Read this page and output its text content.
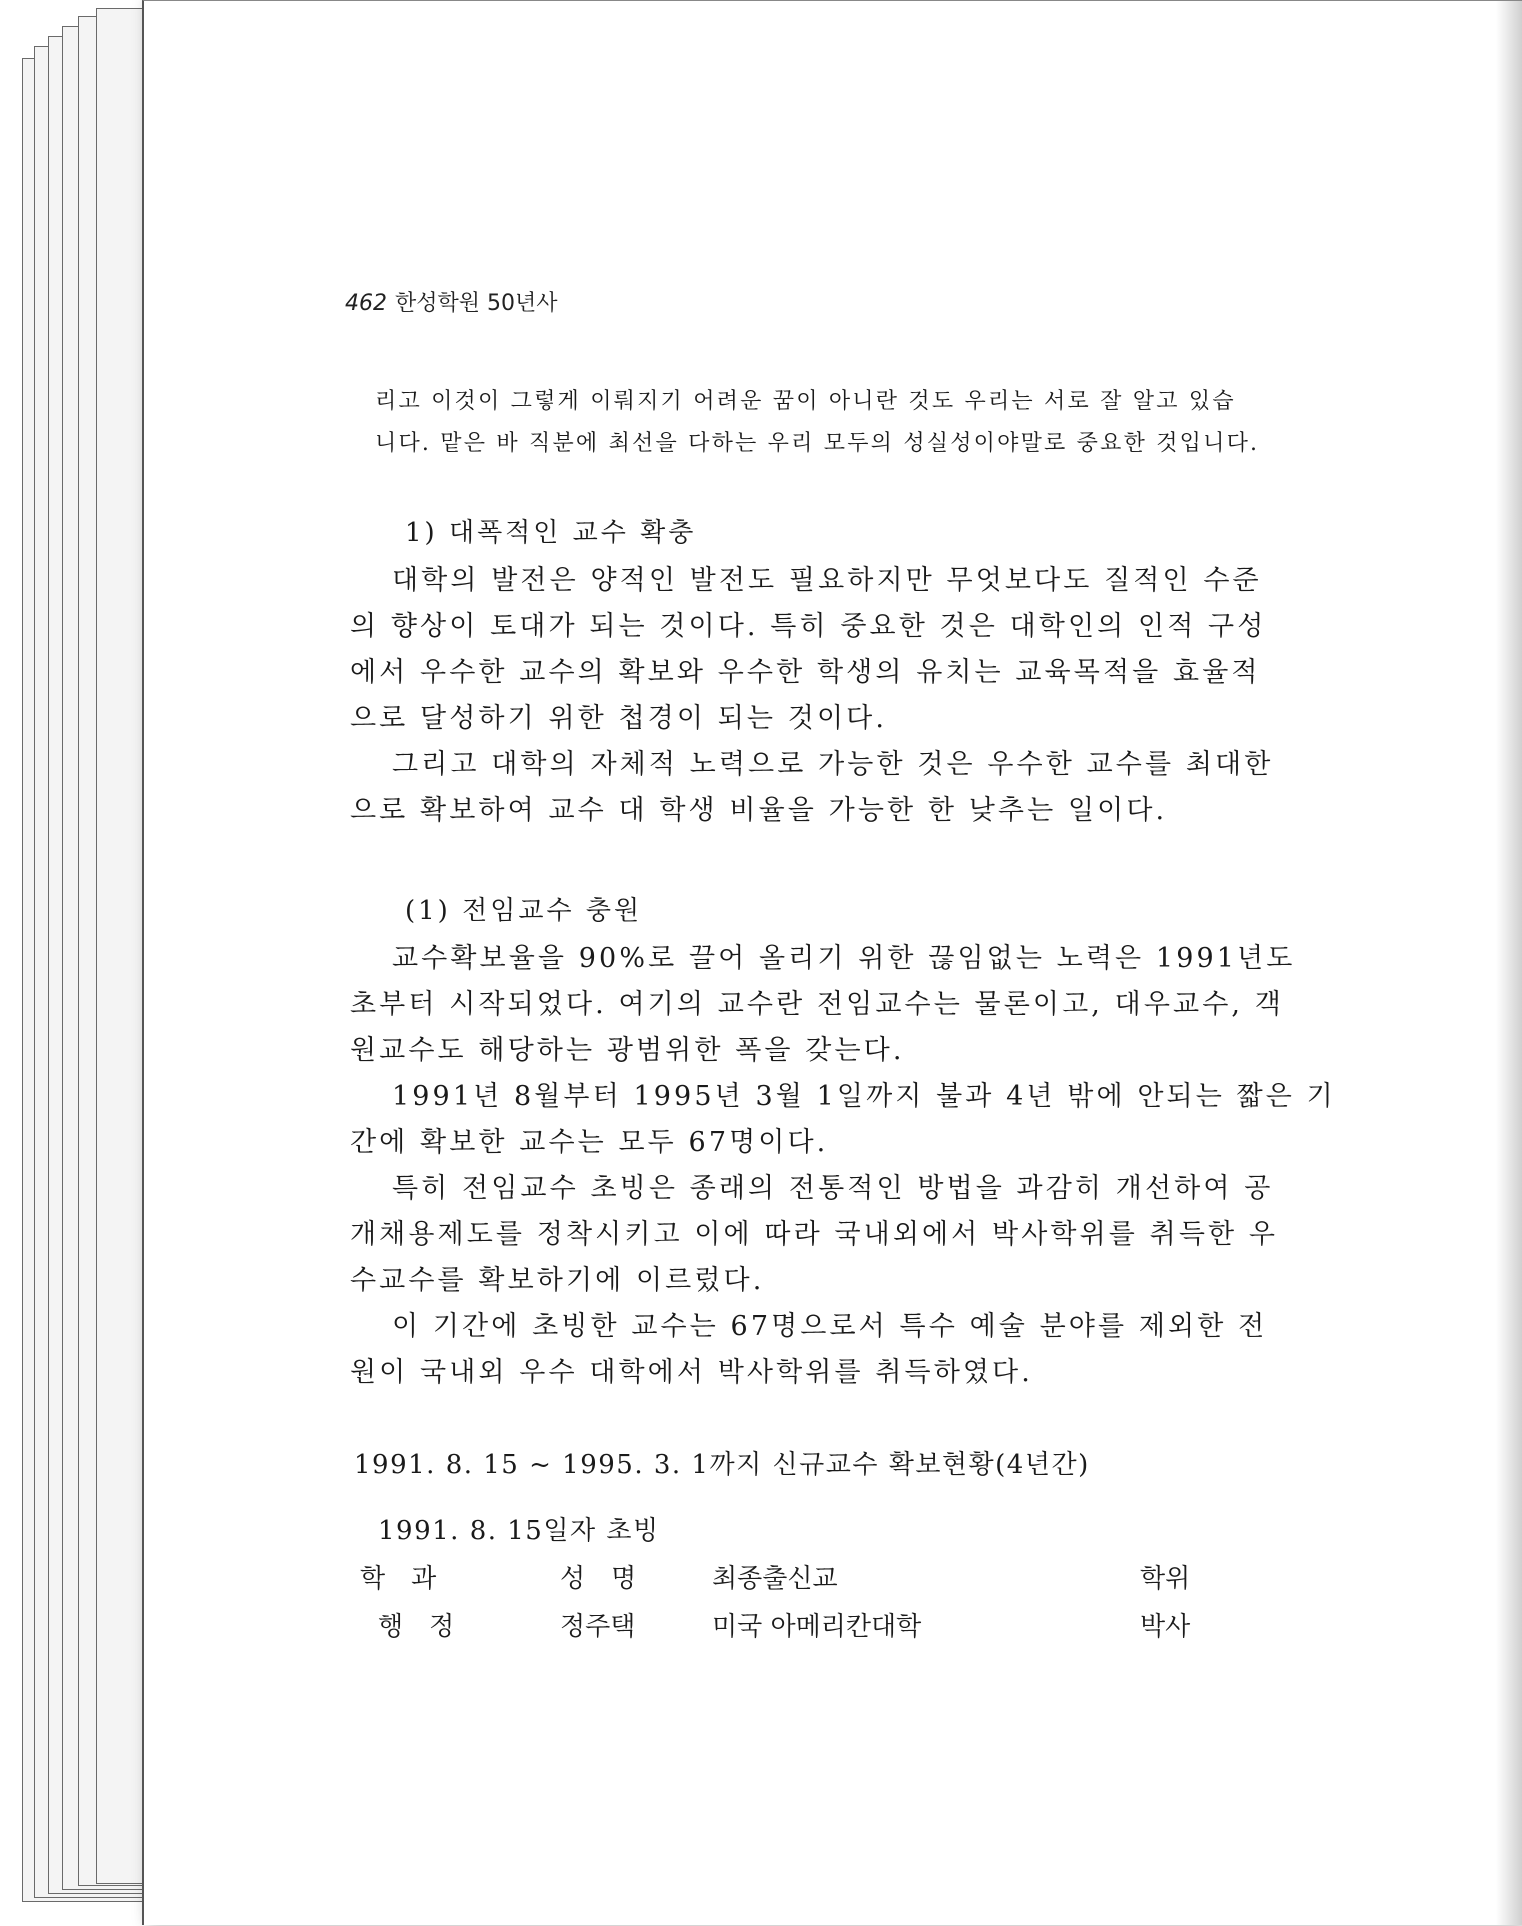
462 한성학원 50년사
리고 이것이 그렇게 이뤄지기 어려운 꿈이 아니란 것도 우리는 서로 잘 알고 있습
니다. 맡은 바 직분에 최선을 다하는 우리 모두의 성실성이야말로 중요한 것입니다.
1) 대폭적인 교수 확충
대학의 발전은 양적인 발전도 필요하지만 무엇보다도 질적인 수준
의 향상이 토대가 되는 것이다. 특히 중요한 것은 대학인의 인적 구성
에서 우수한 교수의 확보와 우수한 학생의 유치는 교육목적을 효율적
으로 달성하기 위한 첩경이 되는 것이다.
그리고 대학의 자체적 노력으로 가능한 것은 우수한 교수를 최대한
으로 확보하여 교수 대 학생 비율을 가능한 한 낮추는 일이다.
(1) 전임교수 충원
교수확보율을 90%로 끌어 올리기 위한 끊임없는 노력은 1991년도
초부터 시작되었다. 여기의 교수란 전임교수는 물론이고, 대우교수, 객
원교수도 해당하는 광범위한 폭을 갖는다.
1991년 8월부터 1995년 3월 1일까지 불과 4년 밖에 안되는 짧은 기
간에 확보한 교수는 모두 67명이다.
특히 전임교수 초빙은 종래의 전통적인 방법을 과감히 개선하여 공
개채용제도를 정착시키고 이에 따라 국내외에서 박사학위를 취득한 우
수교수를 확보하기에 이르렀다.
이 기간에 초빙한 교수는 67명으로서 특수 예술 분야를 제외한 전
원이 국내외 우수 대학에서 박사학위를 취득하였다.
1991. 8. 15 ~ 1995. 3. 1까지 신규교수 확보현황(4년간)
1991. 8. 15일자 초빙
학　과	성　명	최종출신교	학위
행　정	정주택	미국 아메리칸대학	박사
